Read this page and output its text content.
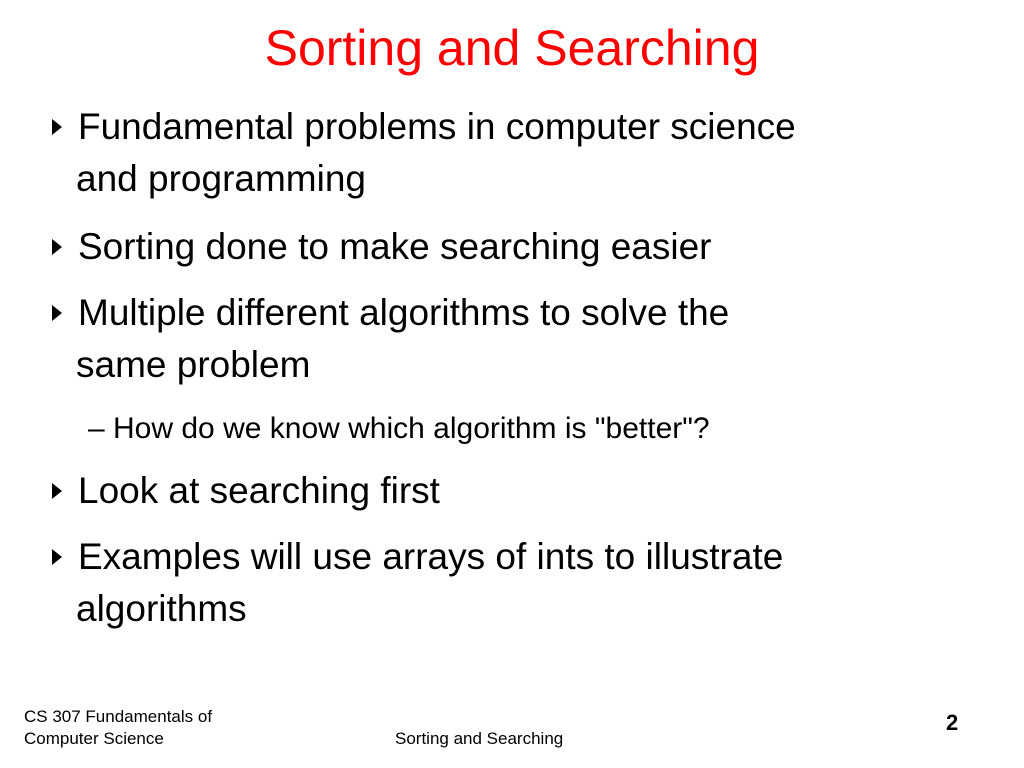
Sorting and Searching
Fundamental problems in computer science
and programming
Sorting done to make searching easier
Multiple different algorithms to solve the
same problem
– How do we know which algorithm is "better"?
Look at searching first
Examples will use arrays of ints to illustrate
algorithms
CS 307 Fundamentals of
Computer Science	Sorting and Searching
2
